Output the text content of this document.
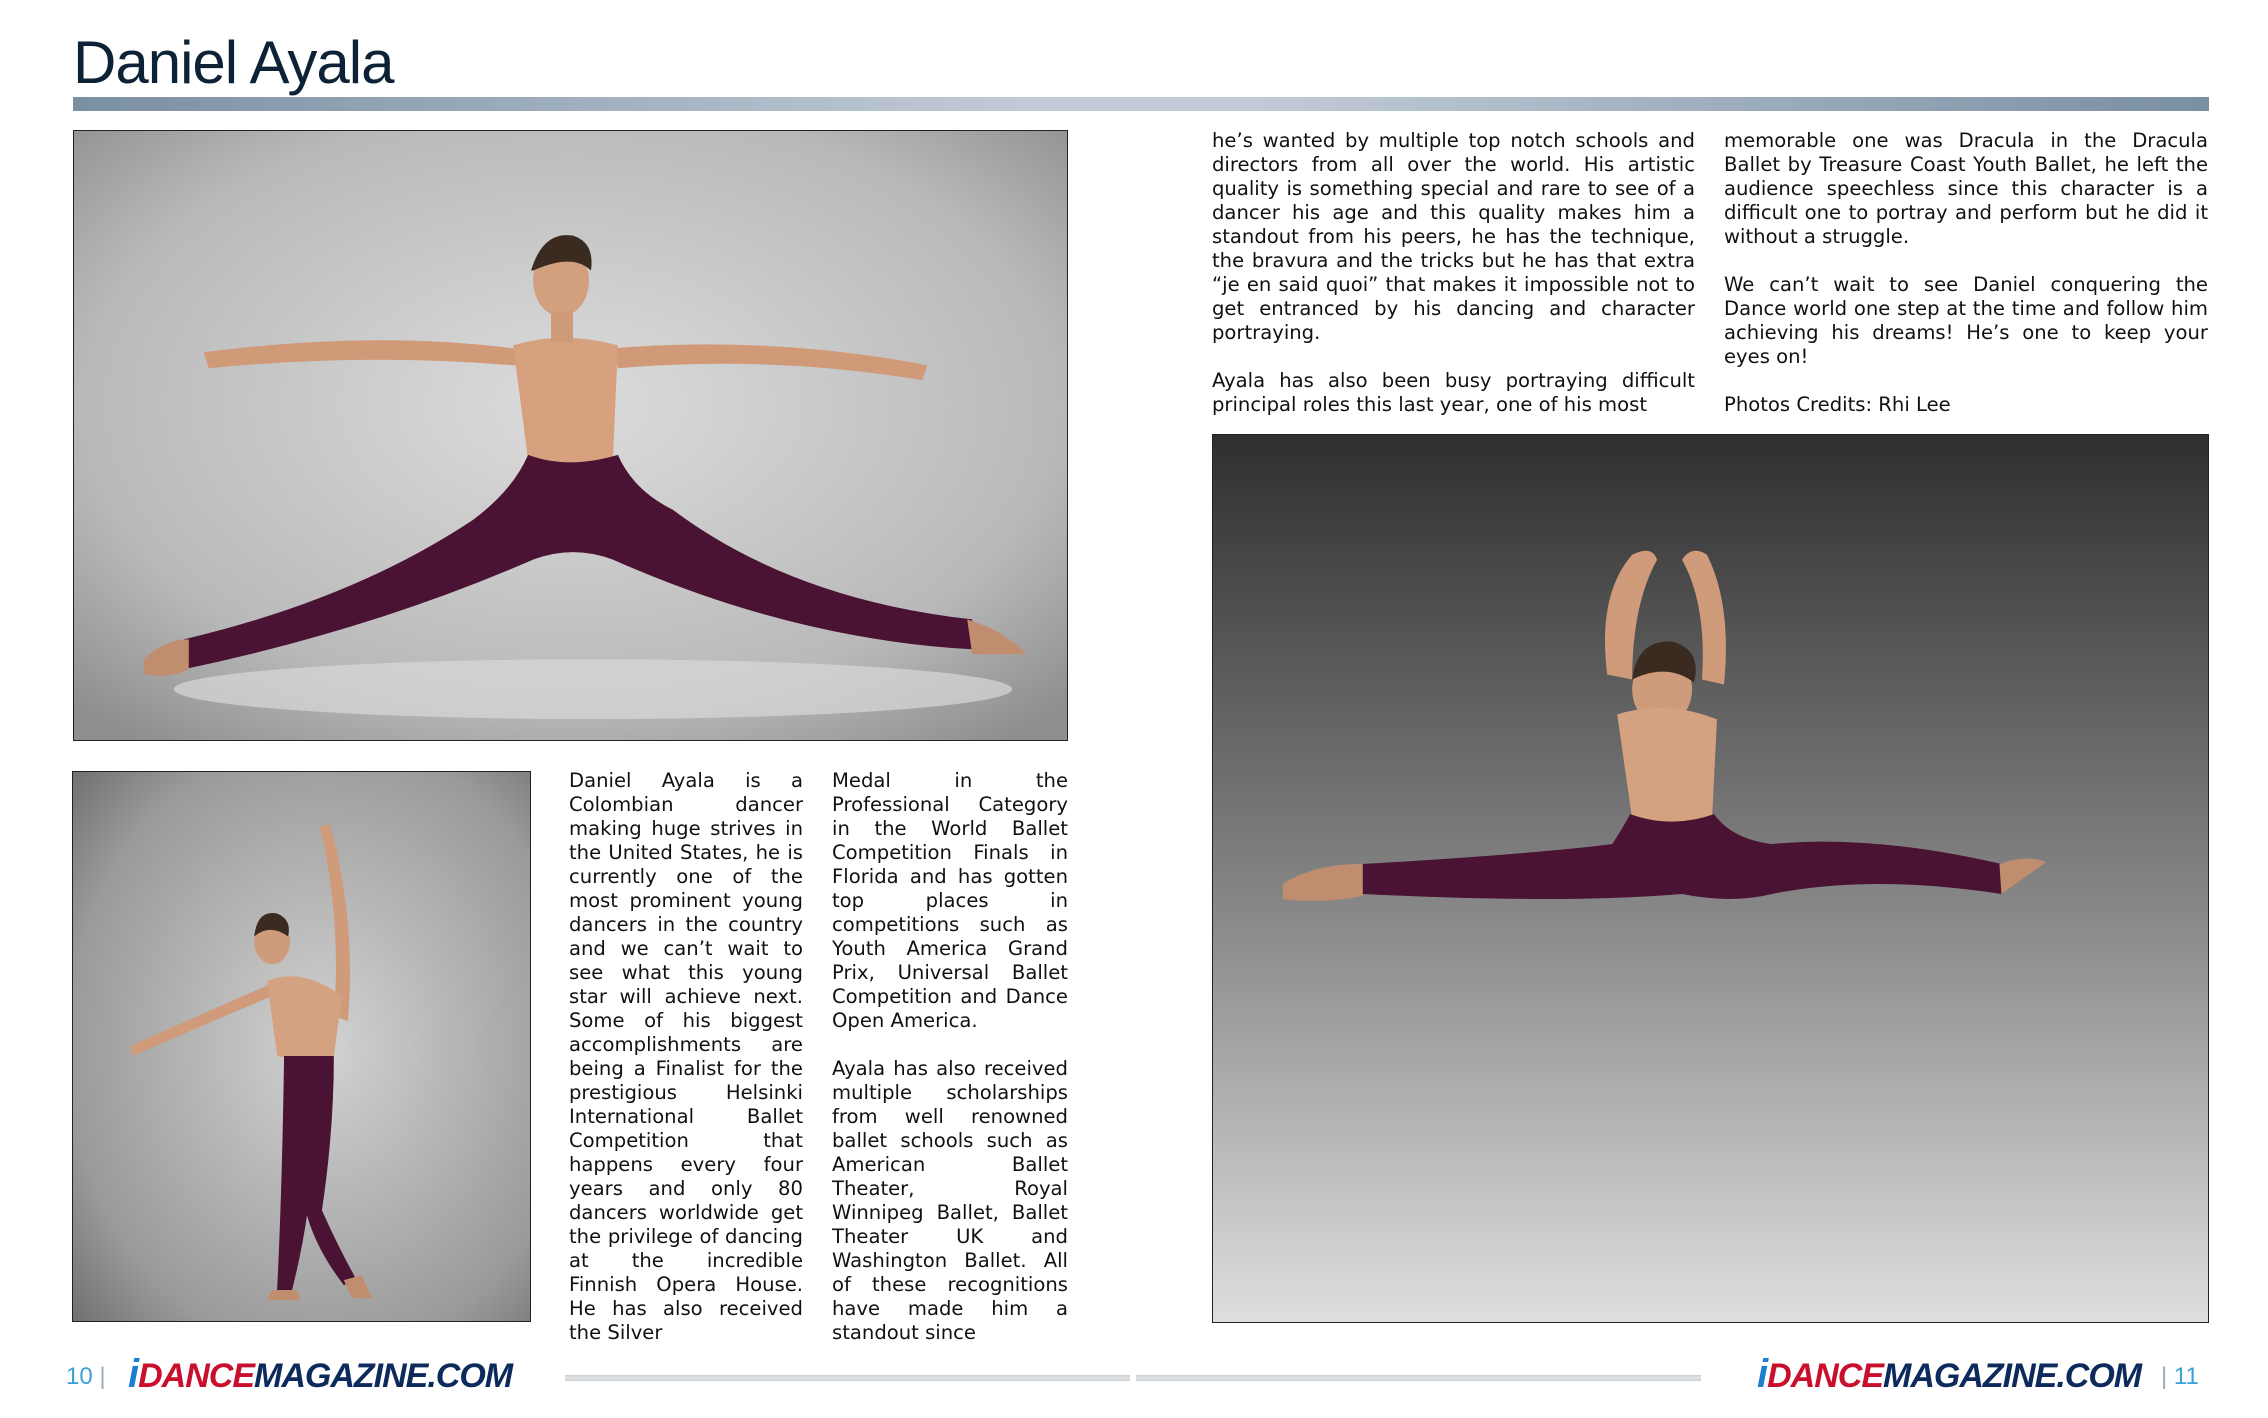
Daniel Ayala

Daniel Ayala is a Colombian dancer making huge strives in the United States, he is currently one of the most prominent young dancers in the country and we can’t wait to see what this young star will achieve next. Some of his biggest accomplishments are being a Finalist for the prestigious Helsinki International Ballet Competition that happens every four years and only 80 dancers worldwide get the privilege of dancing at the incredible Finnish Opera House. He has also received the Silver

Medal in the Professional Category in the World Ballet Competition Finals in Florida and has gotten top places in competitions such as Youth America Grand Prix, Universal Ballet Competition and Dance Open America.

Ayala has also received multiple scholarships from well renowned ballet schools such as American Ballet Theater, Royal Winnipeg Ballet, Ballet Theater UK and Washington Ballet. All of these recognitions have made him a standout since

he’s wanted by multiple top notch schools and directors from all over the world. His artistic quality is something special and rare to see of a dancer his age and this quality makes him a standout from his peers, he has the technique, the bravura and the tricks but he has that extra “je en said quoi” that makes it impossible not to get entranced by his dancing and character portraying.

Ayala has also been busy portraying difficult principal roles this last year, one of his most

memorable one was Dracula in the Dracula Ballet by Treasure Coast Youth Ballet, he left the audience speechless since this character is a difficult one to portray and perform but he did it without a struggle.

We can’t wait to see Daniel conquering the Dance world one step at the time and follow him achieving his dreams! He’s one to keep your eyes on!

Photos Credits: Rhi Lee

10 | iDANCEMAGAZINE.COM	iDANCEMAGAZINE.COM | 11
